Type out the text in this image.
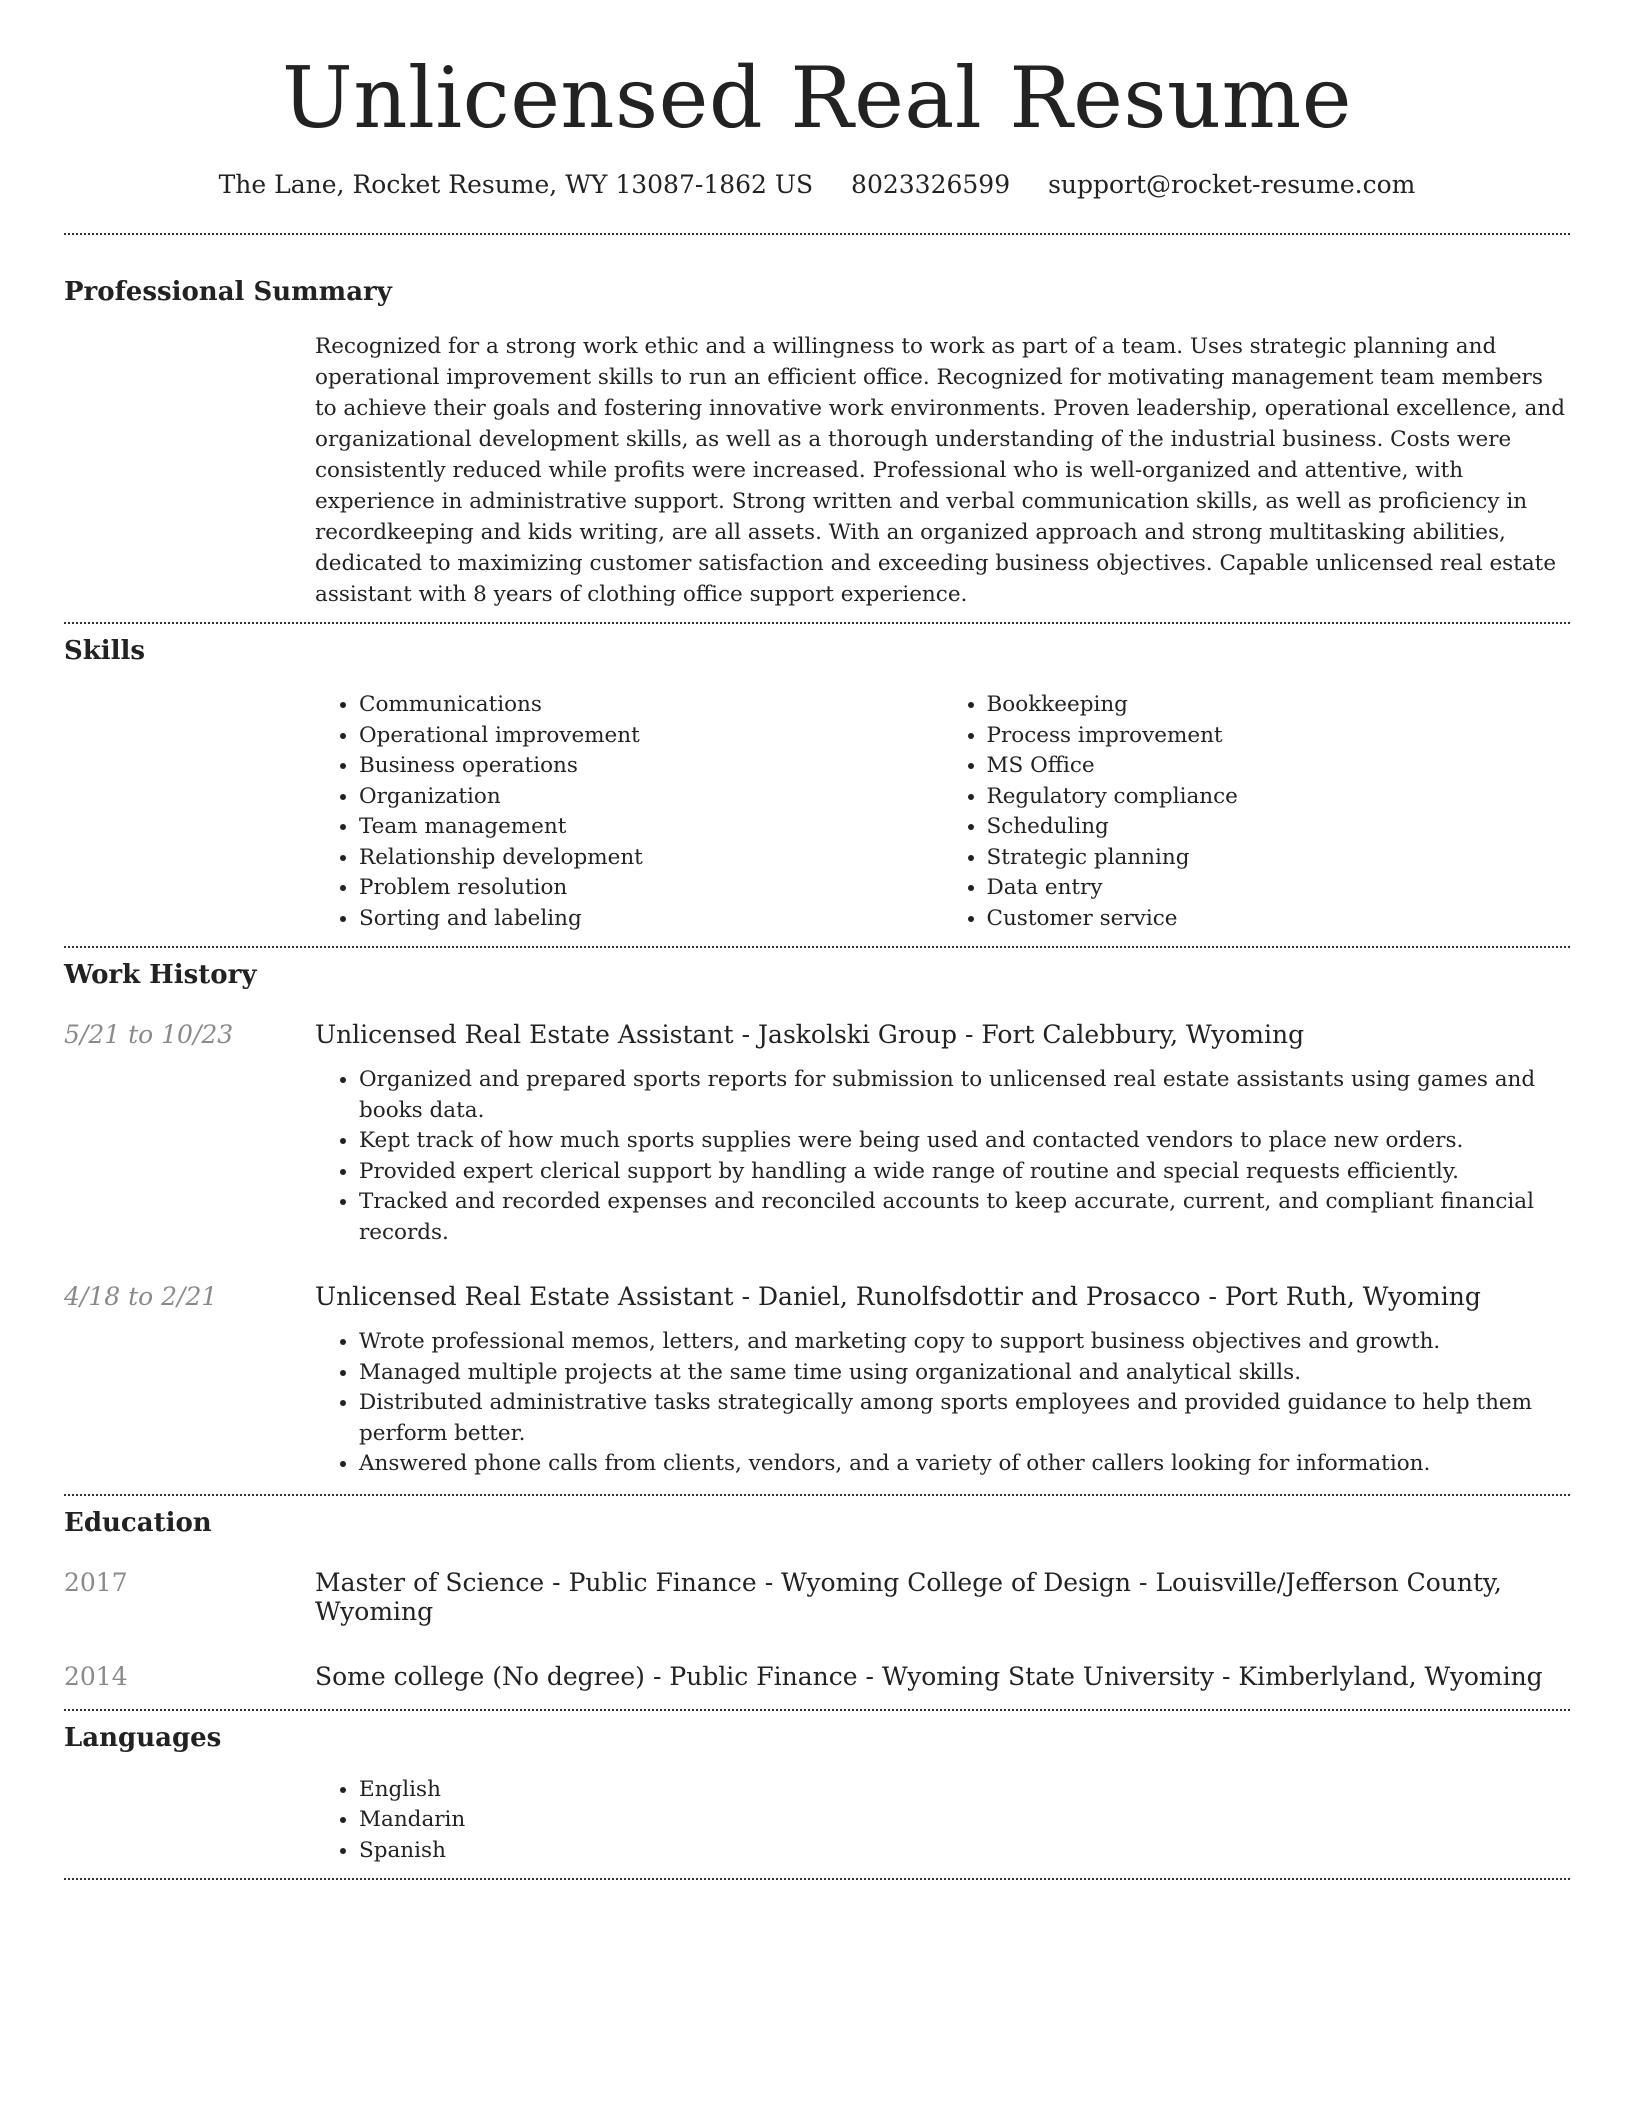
Unlicensed Real Resume
The Lane, Rocket Resume, WY 13087-1862 US 8023326599 support@rocket-resume.com
Professional Summary

Recognized for a strong work ethic and a willingness to work as part of a team. Uses strategic planning and operational improvement skills to run an efficient office. Recognized for motivating management team members to achieve their goals and fostering innovative work environments. Proven leadership, operational excellence, and organizational development skills, as well as a thorough understanding of the industrial business. Costs were consistently reduced while profits were increased. Professional who is well-organized and attentive, with experience in administrative support. Strong written and verbal communication skills, as well as proficiency in recordkeeping and kids writing, are all assets. With an organized approach and strong multitasking abilities, dedicated to maximizing customer satisfaction and exceeding business objectives. Capable unlicensed real estate assistant with 8 years of clothing office support experience.

Skills
• Communications
• Operational improvement
• Business operations
• Organization
• Team management
• Relationship development
• Problem resolution
• Sorting and labeling
• Bookkeeping
• Process improvement
• MS Office
• Regulatory compliance
• Scheduling
• Strategic planning
• Data entry
• Customer service
Work History
5/21 to 10/23	Unlicensed Real Estate Assistant - Jaskolski Group - Fort Calebbury, Wyoming
• Organized and prepared sports reports for submission to unlicensed real estate assistants using games and books data.
• Kept track of how much sports supplies were being used and contacted vendors to place new orders.
• Provided expert clerical support by handling a wide range of routine and special requests efficiently.
• Tracked and recorded expenses and reconciled accounts to keep accurate, current, and compliant financial records.
4/18 to 2/21	Unlicensed Real Estate Assistant - Daniel, Runolfsdottir and Prosacco - Port Ruth, Wyoming
• Wrote professional memos, letters, and marketing copy to support business objectives and growth.
• Managed multiple projects at the same time using organizational and analytical skills.
• Distributed administrative tasks strategically among sports employees and provided guidance to help them perform better.
• Answered phone calls from clients, vendors, and a variety of other callers looking for information.
Education
2017	Master of Science - Public Finance - Wyoming College of Design - Louisville/Jefferson County, Wyoming
2014	Some college (No degree) - Public Finance - Wyoming State University - Kimberlyland, Wyoming
Languages
• English
• Mandarin
• Spanish
